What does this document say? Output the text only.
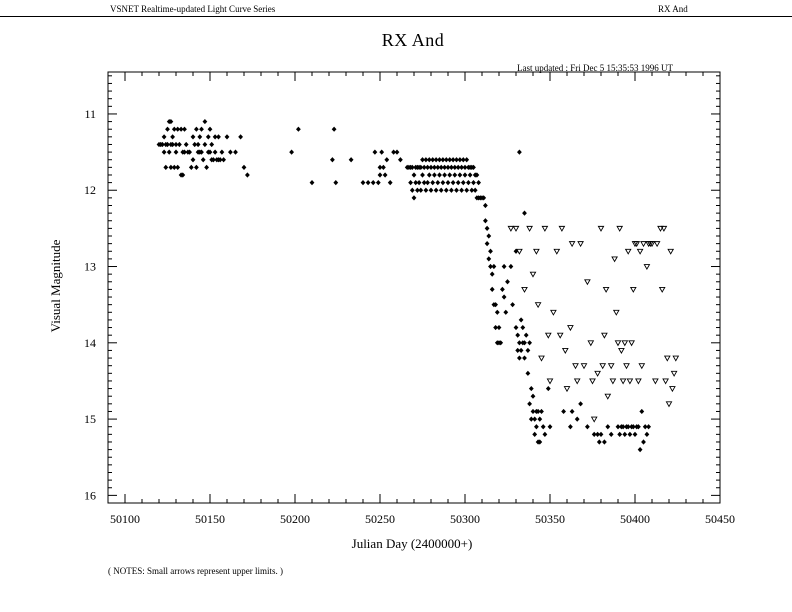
VSNET Realtime-updated Light Curve Series	RX And
RX And
Last updated : Fri Dec 5 15:35:53 1996 UT
50100	50150	50200	50250	50300	50350	50400	50450
11
12
13
14
15
16
Julian Day (2400000+)
Visual Magnitude
( NOTES: Small arrows represent upper limits. )
